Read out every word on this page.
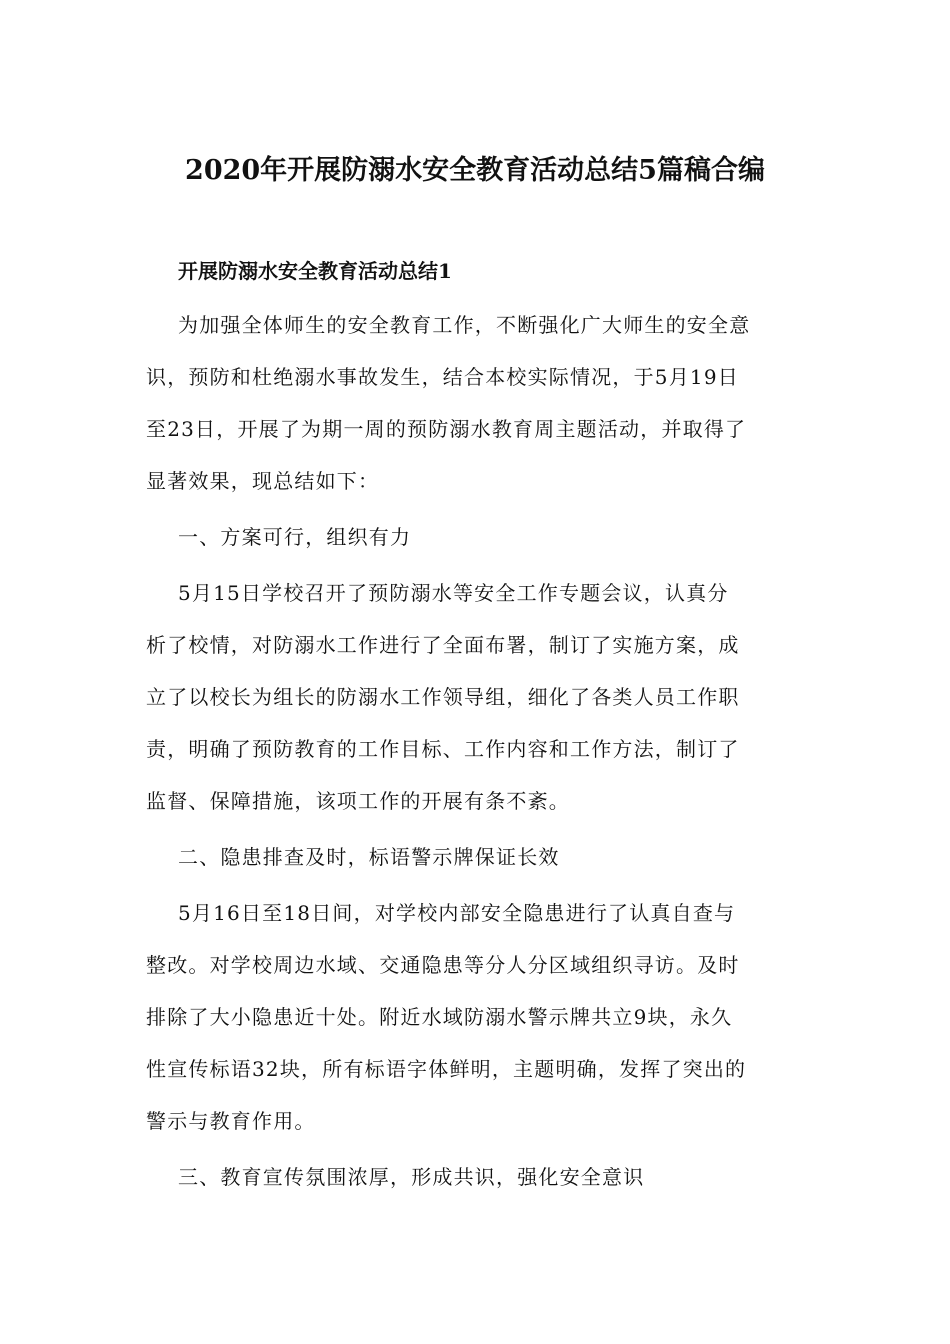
2020年开展防溺水安全教育活动总结5篇稿合编
开展防溺水安全教育活动总结1
为加强全体师生的安全教育工作，不断强化广大师生的安全意
识，预防和杜绝溺水事故发生，结合本校实际情况，于5月19日
至23日，开展了为期一周的预防溺水教育周主题活动，并取得了
显著效果，现总结如下：
一、方案可行，组织有力
5月15日学校召开了预防溺水等安全工作专题会议，认真分
析了校情，对防溺水工作进行了全面布署，制订了实施方案，成
立了以校长为组长的防溺水工作领导组，细化了各类人员工作职
责，明确了预防教育的工作目标、工作内容和工作方法，制订了
监督、保障措施，该项工作的开展有条不紊。
二、隐患排查及时，标语警示牌保证长效
5月16日至18日间，对学校内部安全隐患进行了认真自查与
整改。对学校周边水域、交通隐患等分人分区域组织寻访。及时
排除了大小隐患近十处。附近水域防溺水警示牌共立9块，永久
性宣传标语32块，所有标语字体鲜明，主题明确，发挥了突出的
警示与教育作用。
三、教育宣传氛围浓厚，形成共识，强化安全意识
